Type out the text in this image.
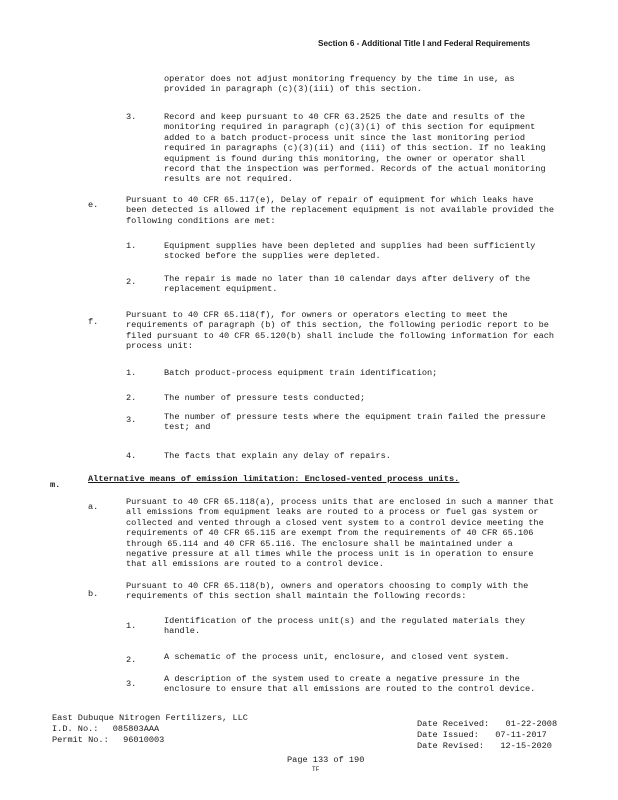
Section 6 - Additional Title I and Federal Requirements
operator does not adjust monitoring frequency by the time in use, as
provided in paragraph (c)(3)(iii) of this section.
3.	Record and keep pursuant to 40 CFR 63.2525 the date and results of the
monitoring required in paragraph (c)(3)(i) of this section for equipment
added to a batch product-process unit since the last monitoring period
required in paragraphs (c)(3)(ii) and (iii) of this section. If no leaking
equipment is found during this monitoring, the owner or operator shall
record that the inspection was performed. Records of the actual monitoring
results are not required.
e.	Pursuant to 40 CFR 65.117(e), Delay of repair of equipment for which leaks have
been detected is allowed if the replacement equipment is not available provided the
following conditions are met:
1.	Equipment supplies have been depleted and supplies had been sufficiently
stocked before the supplies were depleted.
2.	The repair is made no later than 10 calendar days after delivery of the
replacement equipment.
f.
Pursuant to 40 CFR 65.118(f), for owners or operators electing to meet the
requirements of paragraph (b) of this section, the following periodic report to be
filed pursuant to 40 CFR 65.120(b) shall include the following information for each
process unit:
1.	Batch product-process equipment train identification;
2.	The number of pressure tests conducted;
3.	The number of pressure tests where the equipment train failed the pressure
test; and
4.	The facts that explain any delay of repairs.
m.
Alternative means of emission limitation: Enclosed-vented process units.
a.	Pursuant to 40 CFR 65.118(a), process units that are enclosed in such a manner that
all emissions from equipment leaks are routed to a process or fuel gas system or
collected and vented through a closed vent system to a control device meeting the
requirements of 40 CFR 65.115 are exempt from the requirements of 40 CFR 65.106
through 65.114 and 40 CFR 65.116. The enclosure shall be maintained under a
negative pressure at all times while the process unit is in operation to ensure
that all emissions are routed to a control device.
b.
Pursuant to 40 CFR 65.118(b), owners and operators choosing to comply with the
requirements of this section shall maintain the following records:
1.	Identification of the process unit(s) and the regulated materials they
handle.
2.	A schematic of the process unit, enclosure, and closed vent system.
3.	A description of the system used to create a negative pressure in the
enclosure to ensure that all emissions are routed to the control device.
East Dubuque Nitrogen Fertilizers, LLC
I.D. No.: 085803AAA
Permit No.: 96010003
Date Received: 01-22-2008
Date Issued: 07-11-2017
Date Revised: 12-15-2020
Page 133 of 190
TF
